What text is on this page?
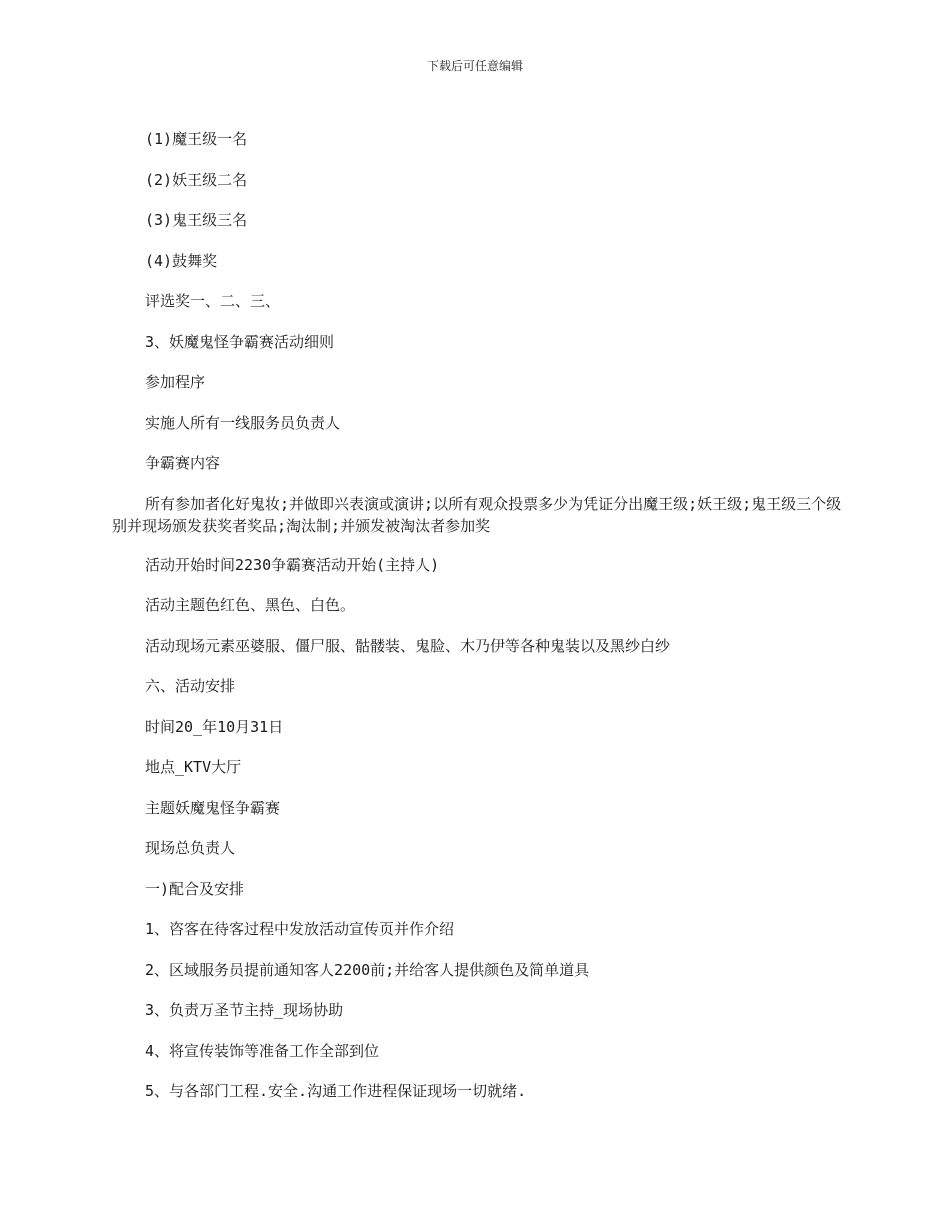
下载后可任意编辑

(1)魔王级一名

(2)妖王级二名

(3)鬼王级三名

(4)鼓舞奖

评选奖一、二、三、

3、妖魔鬼怪争霸赛活动细则

参加程序

实施人所有一线服务员负责人

争霸赛内容

所有参加者化好鬼妆;并做即兴表演或演讲;以所有观众投票多少为凭证分出魔王级;妖王级;鬼王级三个级别并现场颁发获奖者奖品;淘汰制;并颁发被淘汰者参加奖

活动开始时间2230争霸赛活动开始(主持人)

活动主题色红色、黑色、白色。

活动现场元素巫婆服、僵尸服、骷髅装、鬼脸、木乃伊等各种鬼装以及黑纱白纱

六、活动安排

时间20_年10月31日

地点_KTV大厅

主题妖魔鬼怪争霸赛

现场总负责人

一)配合及安排

1、咨客在待客过程中发放活动宣传页并作介绍

2、区域服务员提前通知客人2200前;并给客人提供颜色及简单道具

3、负责万圣节主持_现场协助

4、将宣传装饰等准备工作全部到位

5、与各部门工程.安全.沟通工作进程保证现场一切就绪.
